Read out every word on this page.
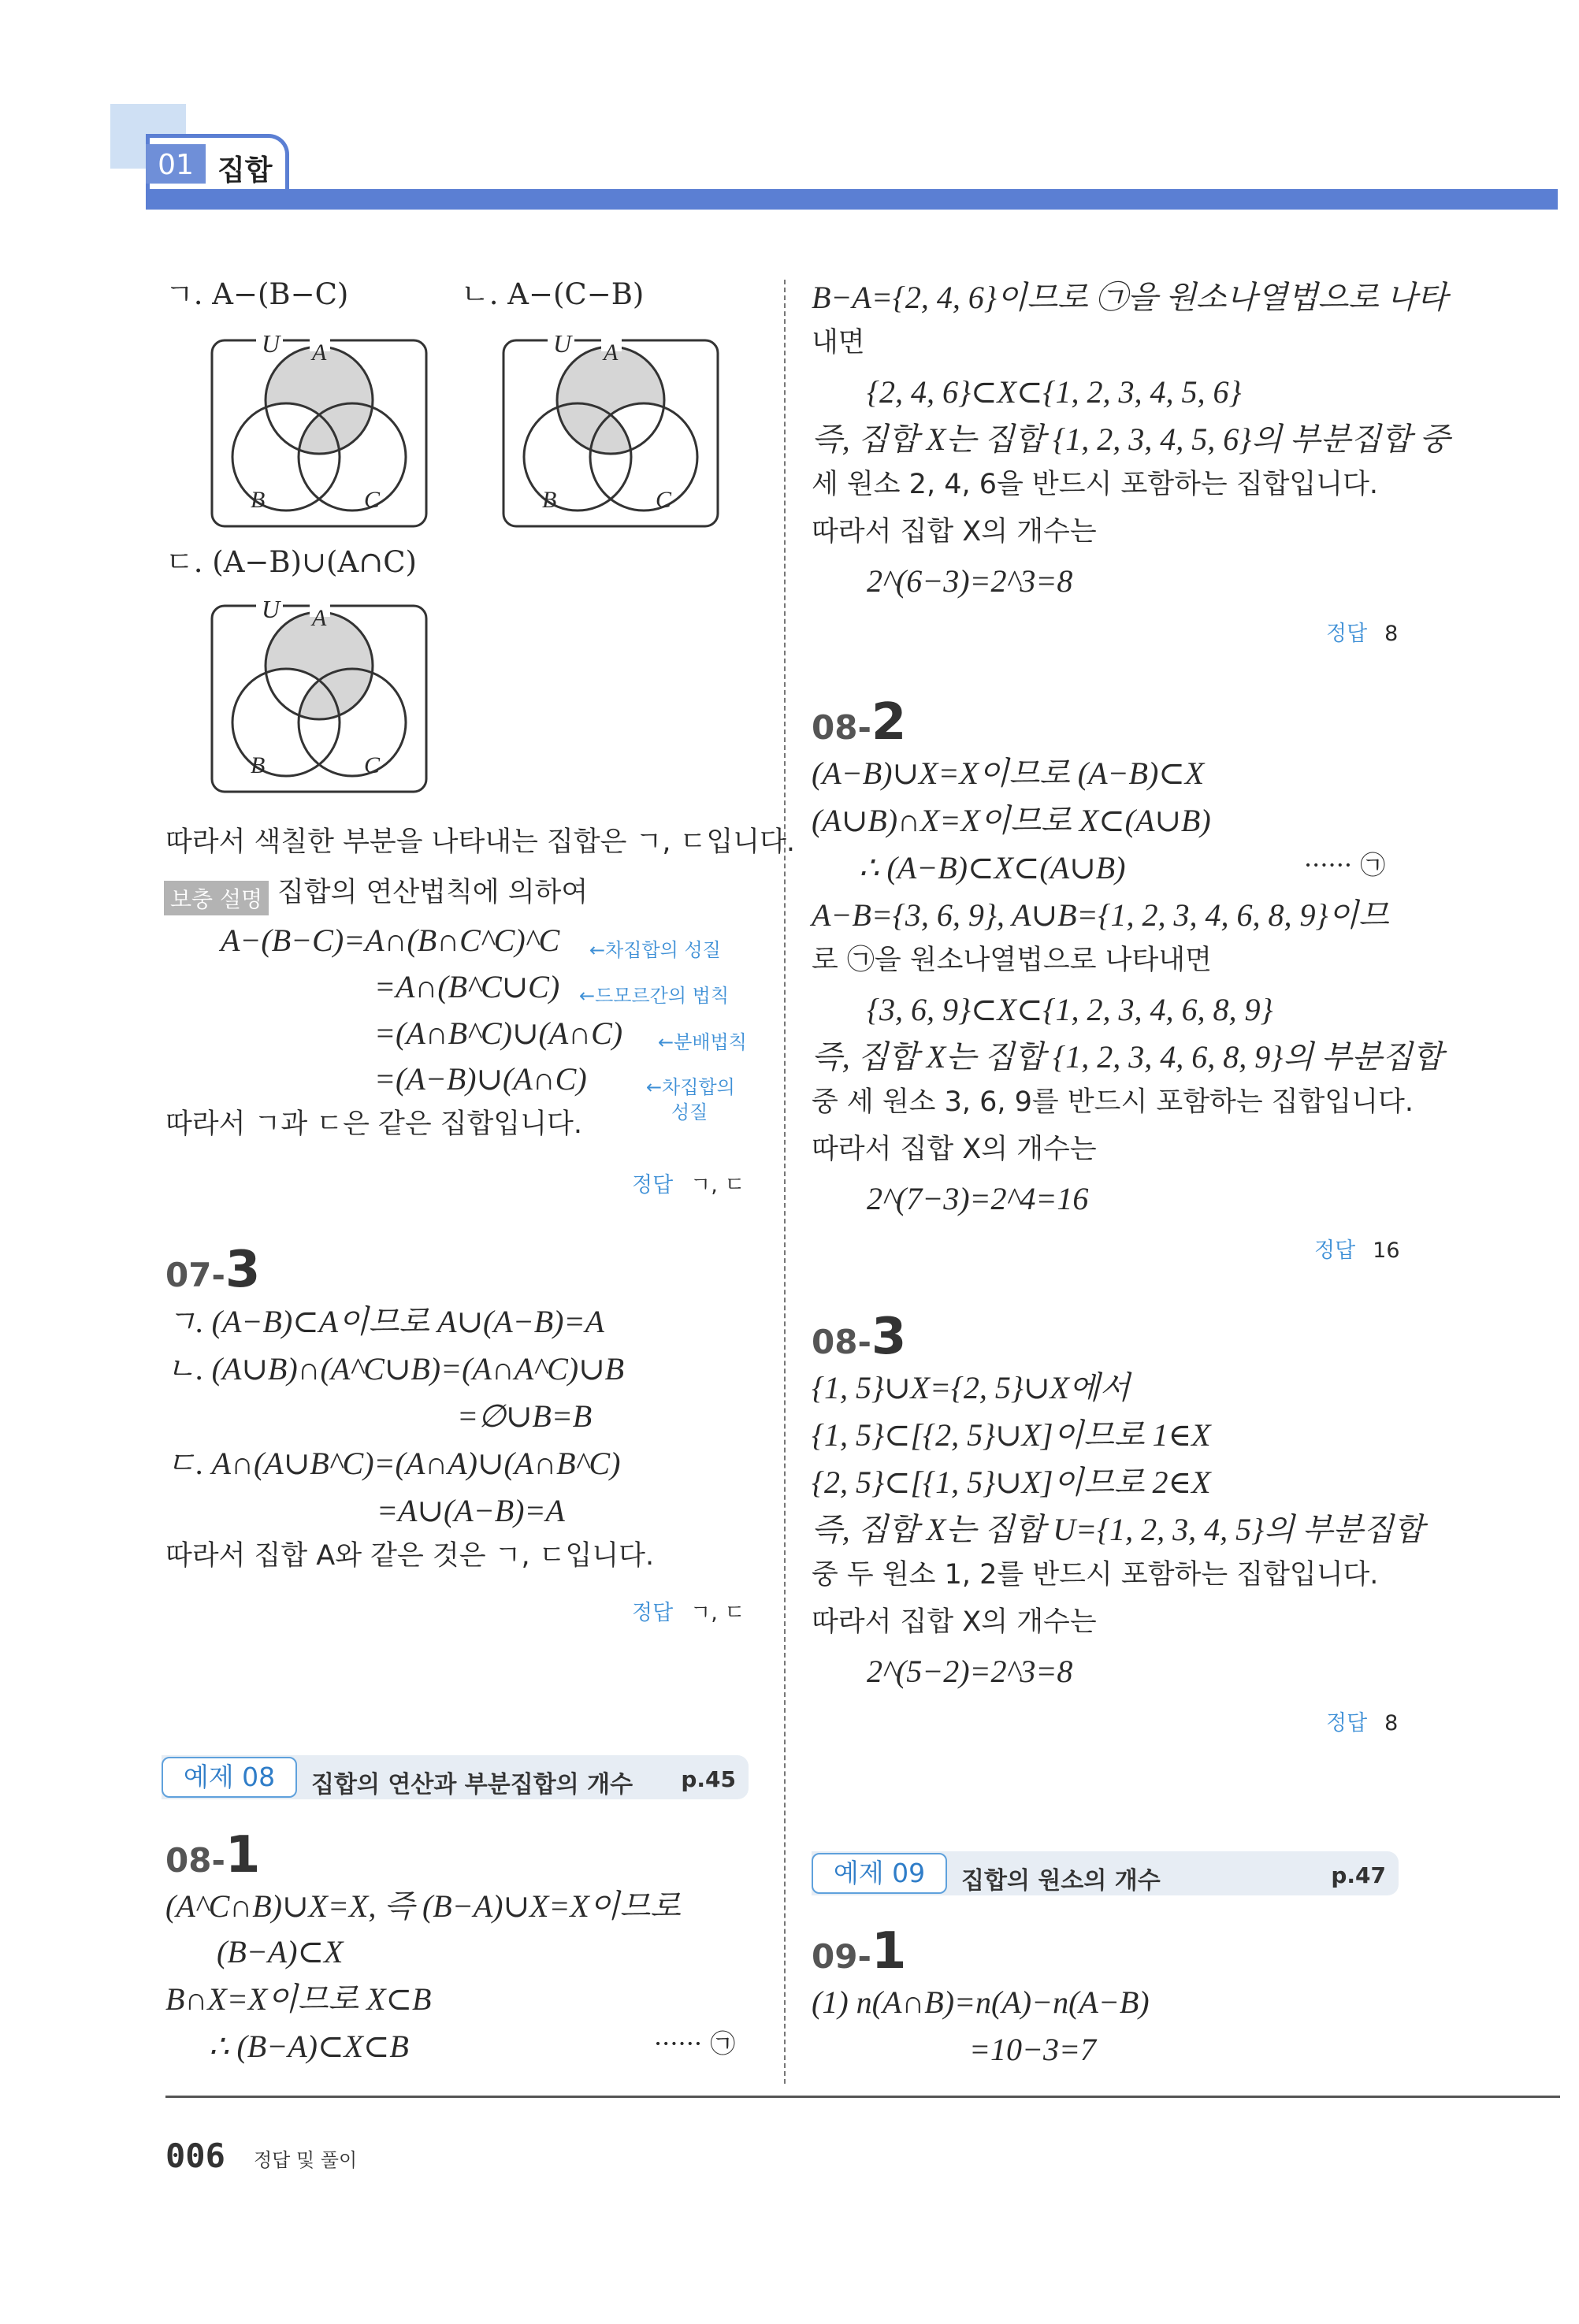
01 집합
ㄱ. A−(B−C)	ㄴ. A−(C−B)
U A
B	C
U A
B	C
ㄷ. (A−B)∪(A∩C)
U A
B	C
따라서 색칠한 부분을 나타내는 집합은 ㄱ, ㄷ입니다.
보충 설명 집합의 연산법칙에 의하여
A−(B−C)=A∩(B∩C^C)^C
=A∩(B^C∪C)
=(A∩B^C)∪(A∩C)
=(A−B)∪(A∩C)
←차집합의 성질
←드모르간의 법칙
←분배법칙
←차집합의
성질
따라서 ㄱ과 ㄷ은 같은 집합입니다.
정답 ㄱ, ㄷ
07-3
ㄱ. (A−B)⊂A이므로 A∪(A−B)=A
ㄴ. (A∪B)∩(A^C∪B)=(A∩A^C)∪B
=∅∪B=B
ㄷ. A∩(A∪B^C)=(A∩A)∪(A∩B^C)
=A∪(A−B)=A
따라서 집합 A와 같은 것은 ㄱ, ㄷ입니다.
정답 ㄱ, ㄷ
예제 08	집합의 연산과 부분집합의 개수 p.45
08-1
(A^C∩B)∪X=X, 즉 (B−A)∪X=X이므로
(B−A)⊂X
B∩X=X이므로 X⊂B
∴ (B−A)⊂X⊂B	······ ㉠
B−A={2, 4, 6}이므로 ㉠을 원소나열법으로 나타
내면
{2, 4, 6}⊂X⊂{1, 2, 3, 4, 5, 6}
즉, 집합 X는 집합 {1, 2, 3, 4, 5, 6}의 부분집합 중
세 원소 2, 4, 6을 반드시 포함하는 집합입니다.
따라서 집합 X의 개수는
2^(6−3)=2^3=8
정답 8
08-2
(A−B)∪X=X이므로 (A−B)⊂X
(A∪B)∩X=X이므로 X⊂(A∪B)
∴ (A−B)⊂X⊂(A∪B)	······ ㉠
A−B={3, 6, 9}, A∪B={1, 2, 3, 4, 6, 8, 9}이므
로 ㉠을 원소나열법으로 나타내면
{3, 6, 9}⊂X⊂{1, 2, 3, 4, 6, 8, 9}
즉, 집합 X는 집합 {1, 2, 3, 4, 6, 8, 9}의 부분집합
중 세 원소 3, 6, 9를 반드시 포함하는 집합입니다.
따라서 집합 X의 개수는
2^(7−3)=2^4=16
정답 16
08-3
{1, 5}∪X={2, 5}∪X에서
{1, 5}⊂[{2, 5}∪X]이므로 1∈X
{2, 5}⊂[{1, 5}∪X]이므로 2∈X
즉, 집합 X는 집합 U={1, 2, 3, 4, 5}의 부분집합
중 두 원소 1, 2를 반드시 포함하는 집합입니다.
따라서 집합 X의 개수는
2^(5−2)=2^3=8
정답 8
예제 09	집합의 원소의 개수	p.47
09-1
(1) n(A∩B)=n(A)−n(A−B)
=10−3=7
006 정답 및 풀이
